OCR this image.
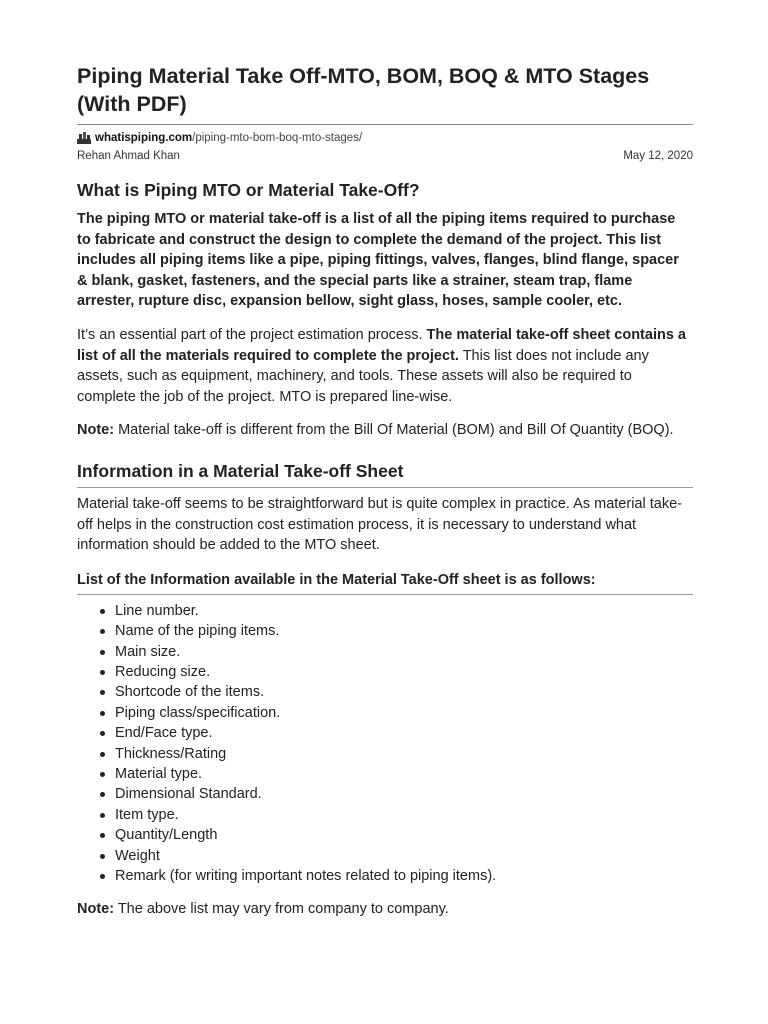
Piping Material Take Off-MTO, BOM, BOQ & MTO Stages (With PDF)
whatispiping.com /piping-mto-bom-boq-mto-stages/
Rehan Ahmad Khan	May 12, 2020
What is Piping MTO or Material Take-Off?

The piping MTO or material take-off is a list of all the piping items required to purchase to fabricate and construct the design to complete the demand of the project. This list includes all piping items like a pipe, piping fittings, valves, flanges, blind flange, spacer & blank, gasket, fasteners, and the special parts like a strainer, steam trap, flame arrester, rupture disc, expansion bellow, sight glass, hoses, sample cooler, etc.

It’s an essential part of the project estimation process. The material take-off sheet contains a list of all the materials required to complete the project. This list does not include any assets, such as equipment, machinery, and tools. These assets will also be required to complete the job of the project. MTO is prepared line-wise.

Note: Material take-off is different from the Bill Of Material (BOM) and Bill Of Quantity (BOQ).

Information in a Material Take-off Sheet

Material take-off seems to be straightforward but is quite complex in practice. As material take-off helps in the construction cost estimation process, it is necessary to understand what information should be added to the MTO sheet.

List of the Information available in the Material Take-Off sheet is as follows:
Line number.
Name of the piping items.
Main size.
Reducing size.
Shortcode of the items.
Piping class/specification.
End/Face type.
Thickness/Rating
Material type.
Dimensional Standard.
Item type.
Quantity/Length
Weight
Remark (for writing important notes related to piping items).

Note: The above list may vary from company to company.
